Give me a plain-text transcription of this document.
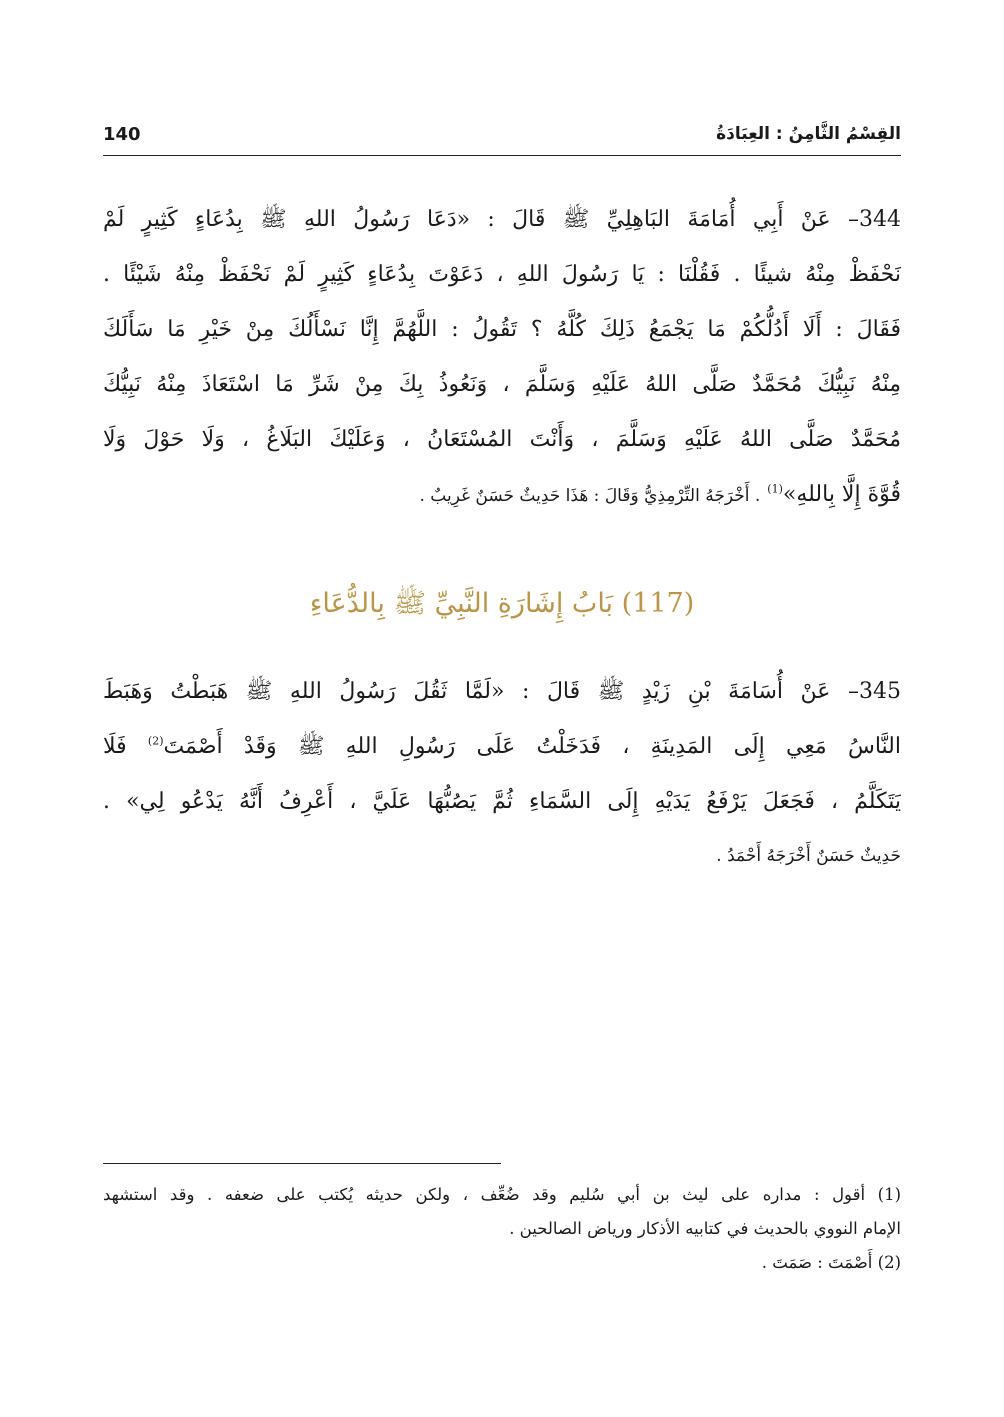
القِسْمُ الثَّامِنُ : العِبَادَةُ
140
344– عَنْ أَبِي أُمَامَةَ البَاهِلِيِّ ﷺ قَالَ : «دَعَا رَسُولُ اللهِ ﷺ بِدُعَاءٍ كَثِيرٍ لَمْ
نَحْفَظْ مِنْهُ شيئًا . فَقُلْنَا : يَا رَسُولَ اللهِ ، دَعَوْتَ بِدُعَاءٍ كَثِيرٍ لَمْ نَحْفَظْ مِنْهُ شَيْئًا .
فَقَالَ : أَلَا أَدُلُّكُمْ مَا يَجْمَعُ ذَلِكَ كُلَّهُ ؟ تَقُولُ : اللَّهُمَّ إِنَّا نَسْأَلُكَ مِنْ خَيْرِ مَا سَأَلَكَ
مِنْهُ نَبِيُّكَ مُحَمَّدٌ صَلَّى اللهُ عَلَيْهِ وَسَلَّمَ ، وَنَعُوذُ بِكَ مِنْ شَرِّ مَا اسْتَعَاذَ مِنْهُ نَبِيُّكَ
مُحَمَّدٌ صَلَّى اللهُ عَلَيْهِ وَسَلَّمَ ، وَأَنْتَ المُسْتَعَانُ ، وَعَلَيْكَ البَلَاغُ ، وَلَا حَوْلَ وَلَا
قُوَّةَ إِلَّا بِاللهِ»$^{(1)}$ . أَخْرَجَهُ التِّرْمِذِيُّ وَقَالَ : هَذَا حَدِيثٌ حَسَنٌ غَرِيبٌ .
(117) بَابُ إِشَارَةِ النَّبِيِّ ﷺ بِالدُّعَاءِ
345– عَنْ أُسَامَةَ بْنِ زَيْدٍ ﷺ قَالَ : «لَمَّا ثَقُلَ رَسُولُ اللهِ ﷺ هَبَطْتُ وَهَبَطَ
النَّاسُ مَعِي إِلَى المَدِينَةِ ، فَدَخَلْتُ عَلَى رَسُولِ اللهِ ﷺ وَقَدْ أَصْمَتَ$^{(2)}$ فَلَا
يَتَكَلَّمُ ، فَجَعَلَ يَرْفَعُ يَدَيْهِ إِلَى السَّمَاءِ ثُمَّ يَصُبُّهَا عَلَيَّ ، أَعْرِفُ أَنَّهُ يَدْعُو لِي» .
حَدِيثٌ حَسَنٌ أَخْرَجَهُ أَحْمَدُ .
(1) أقول : مداره على ليث بن أبي سُليم وقد ضُعِّف ، ولكن حديثه يُكتب على ضعفه . وقد استشهد
الإمام النووي بالحديث في كتابيه الأذكار ورياض الصالحين .
(2) أَصْمَتَ : صَمَتَ .
